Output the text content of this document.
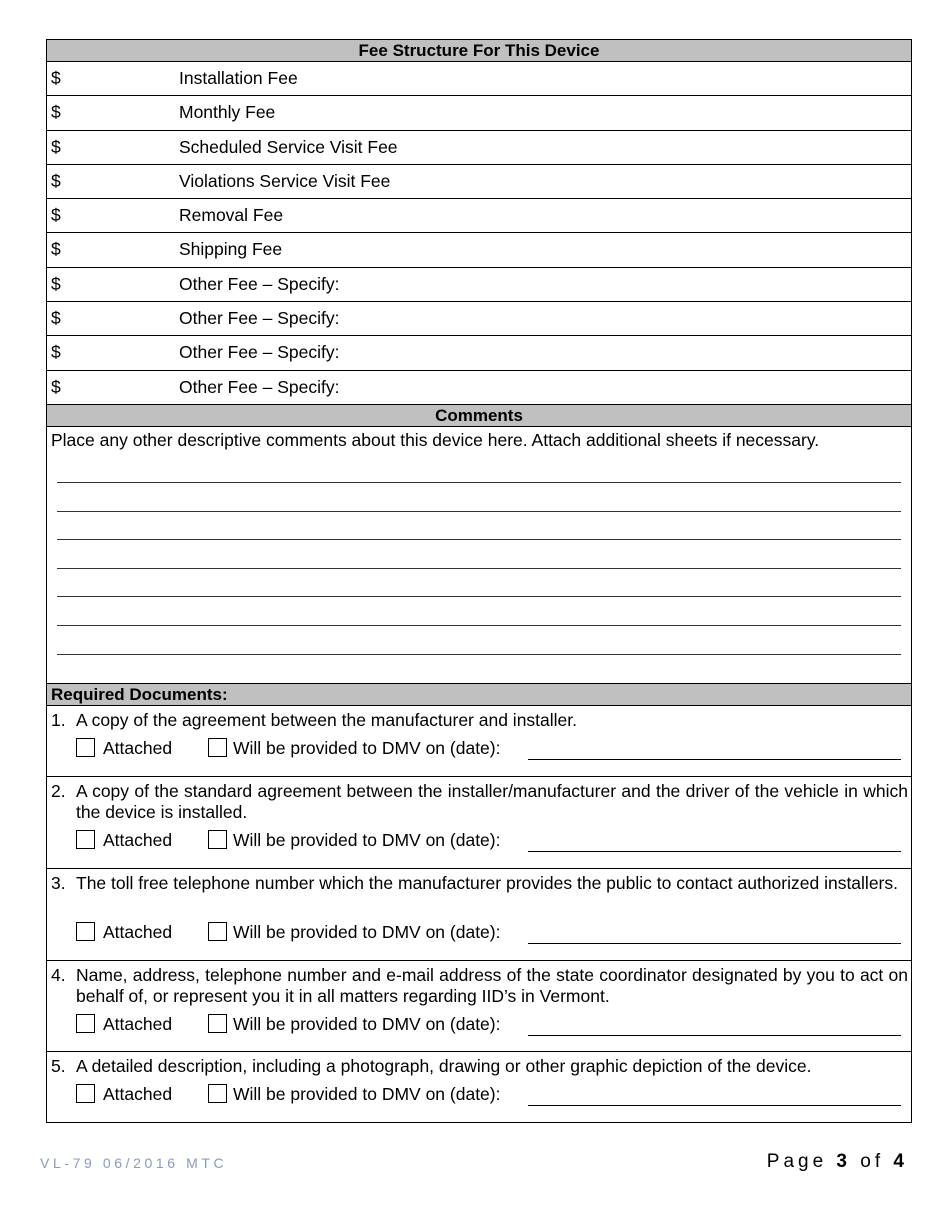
Fee Structure For This Device
$	Installation Fee
$	Monthly Fee
$	Scheduled Service Visit Fee
$	Violations Service Visit Fee
$	Removal Fee
$	Shipping Fee
$	Other Fee – Specify:
$	Other Fee – Specify:
$	Other Fee – Specify:
$	Other Fee – Specify:
Comments
Place any other descriptive comments about this device here. Attach additional sheets if necessary.
Required Documents:
1. A copy of the agreement between the manufacturer and installer.
Attached	Will be provided to DMV on (date):
2. A copy of the standard agreement between the installer/manufacturer and the driver of the vehicle in which the device is installed.
Attached	Will be provided to DMV on (date):
3. The toll free telephone number which the manufacturer provides the public to contact authorized installers.
Attached	Will be provided to DMV on (date):
4. Name, address, telephone number and e-mail address of the state coordinator designated by you to act on behalf of, or represent you it in all matters regarding IID’s in Vermont.
Attached	Will be provided to DMV on (date):
5. A detailed description, including a photograph, drawing or other graphic depiction of the device.
Attached	Will be provided to DMV on (date):
VL-79 06/2016 MTC	Page 3 of 4
